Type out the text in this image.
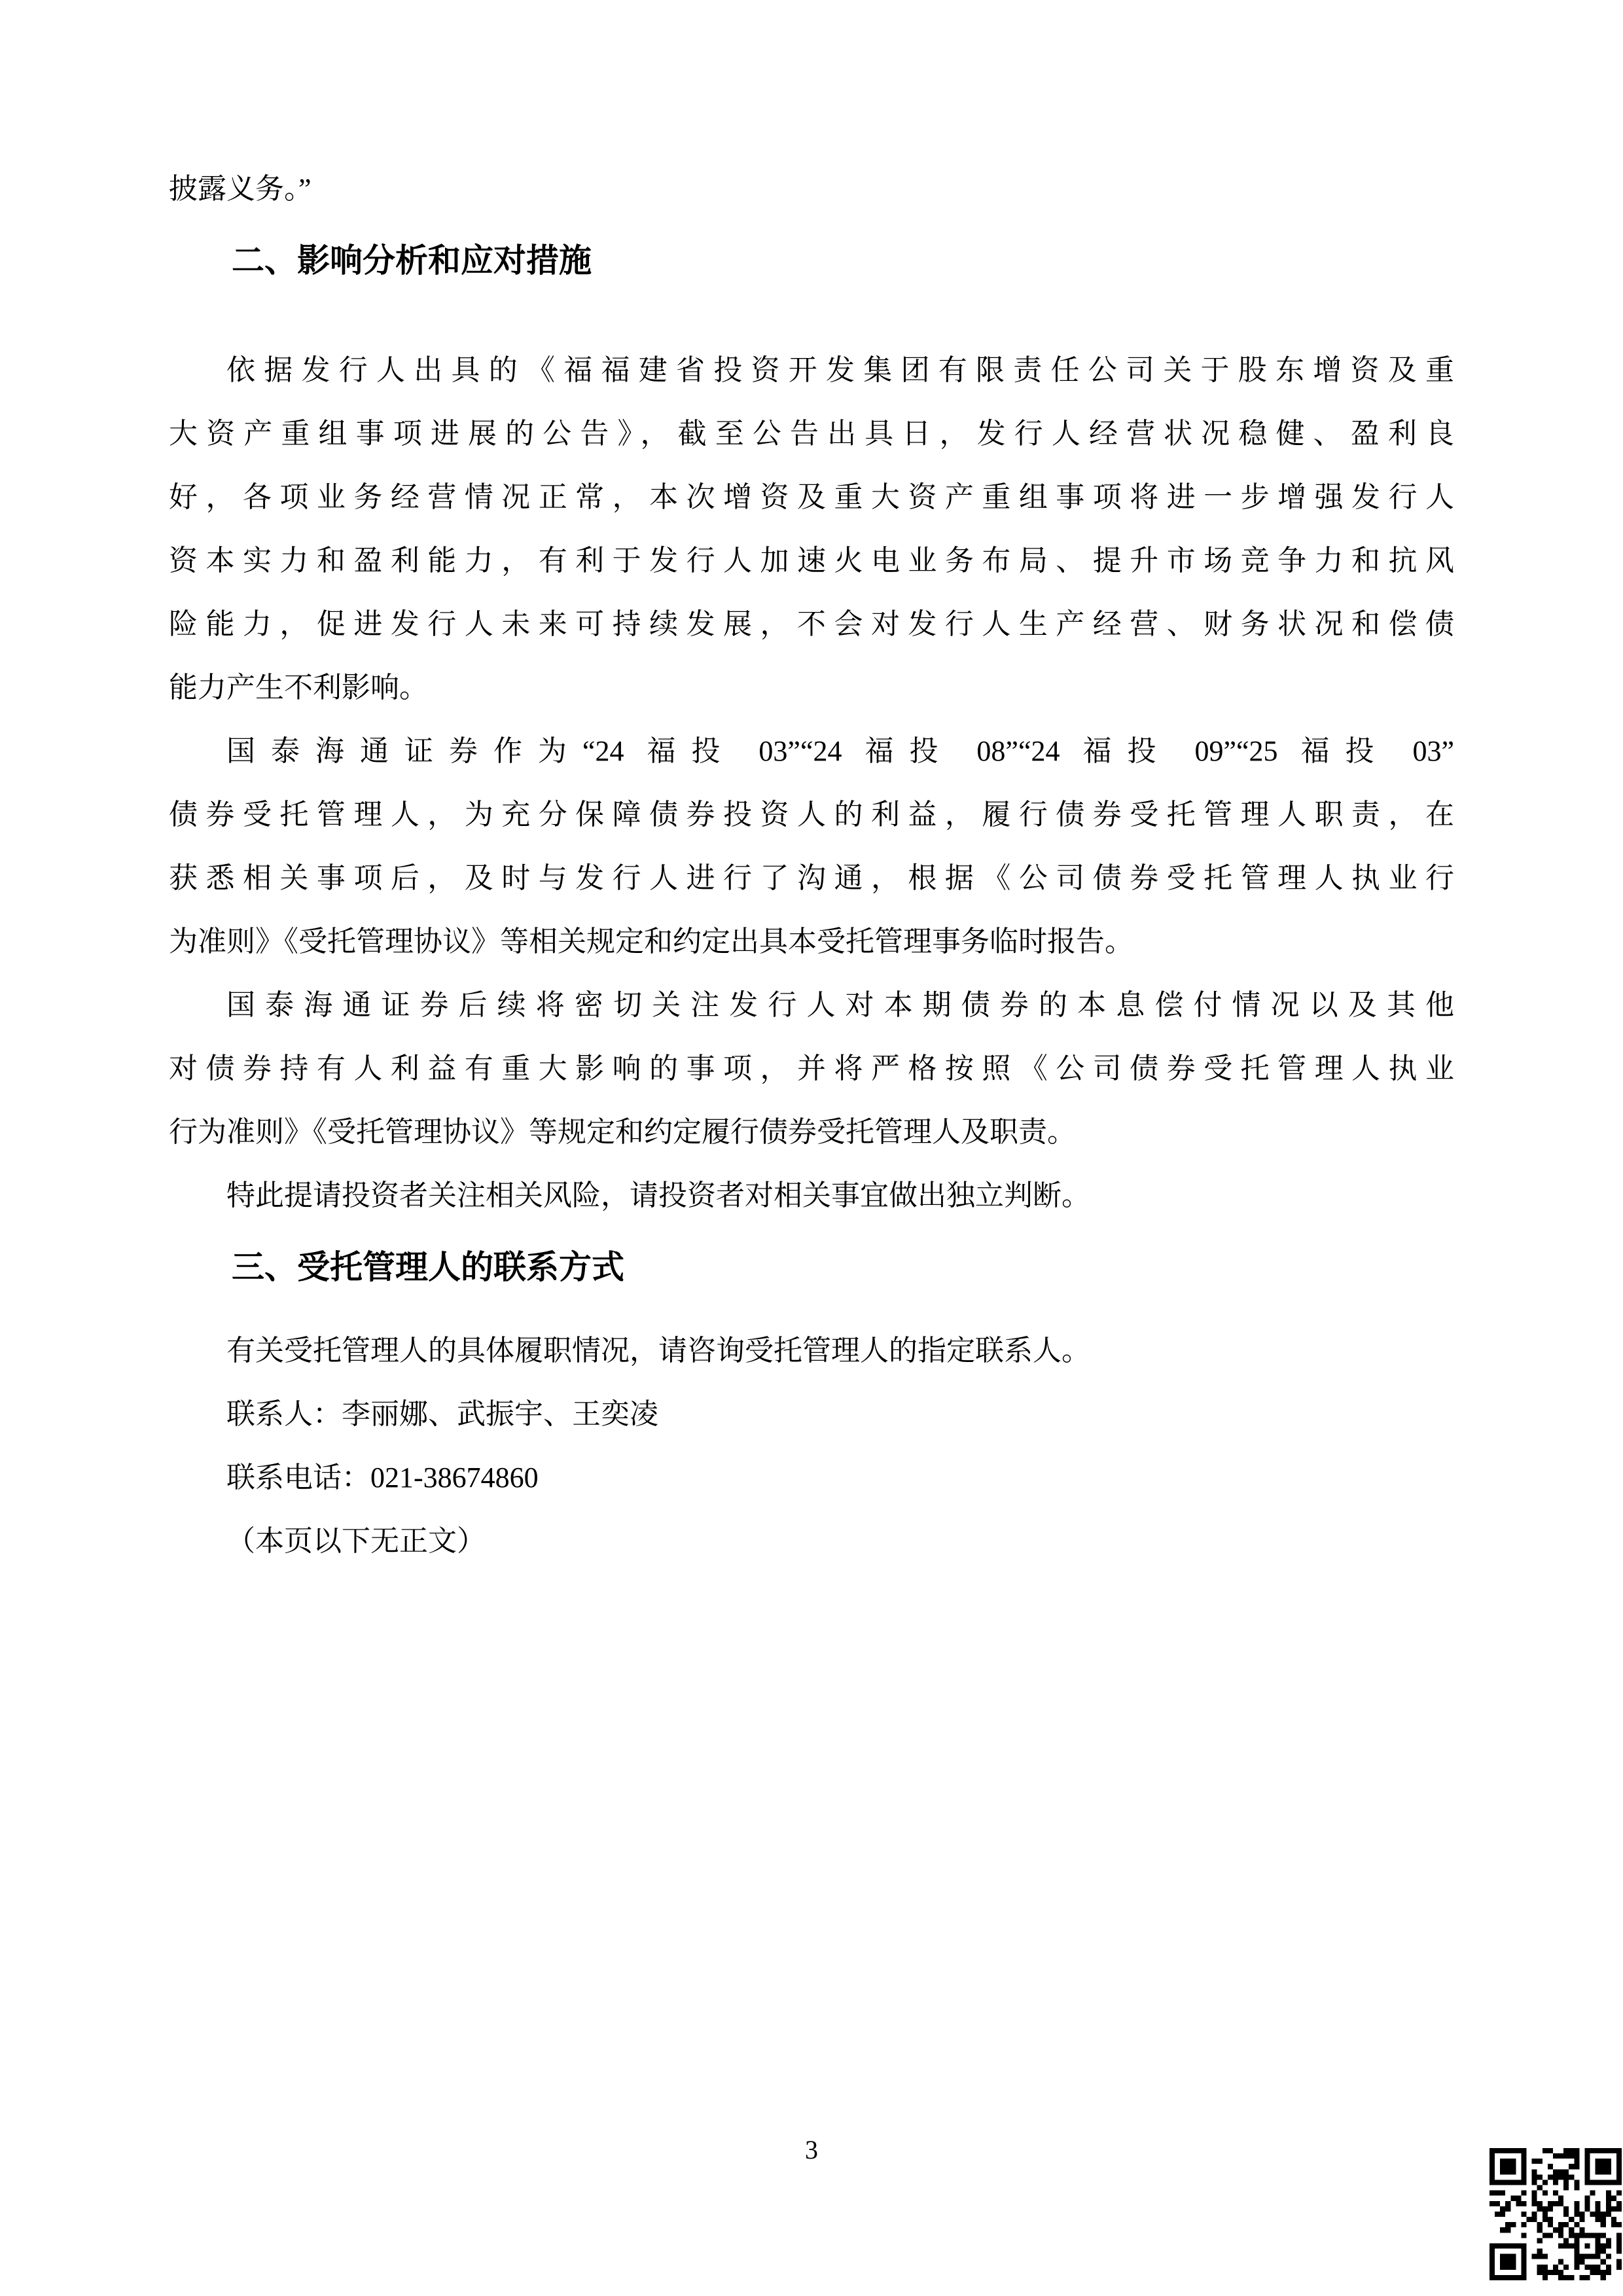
披露义务。”
二、影响分析和应对措施
依据发行人出具的《福福建省投资开发集团有限责任公司关于股东增资及重
大资产重组事项进展的公告》，截至公告出具日，发行人经营状况稳健、盈利良
好，各项业务经营情况正常，本次增资及重大资产重组事项将进一步增强发行人
资本实力和盈利能力，有利于发行人加速火电业务布局、提升市场竞争力和抗风
险能力，促进发行人未来可持续发展，不会对发行人生产经营、财务状况和偿债
能力产生不利影响。
国泰海通证券作为“24 福投 03”“24 福投 08”“24 福投 09”“25 福投 03”
债券受托管理人，为充分保障债券投资人的利益，履行债券受托管理人职责，在
获悉相关事项后，及时与发行人进行了沟通，根据《公司债券受托管理人执业行
为准则》《受托管理协议》等相关规定和约定出具本受托管理事务临时报告。
国泰海通证券后续将密切关注发行人对本期债券的本息偿付情况以及其他
对债券持有人利益有重大影响的事项，并将严格按照《公司债券受托管理人执业
行为准则》《受托管理协议》等规定和约定履行债券受托管理人及职责。
特此提请投资者关注相关风险，请投资者对相关事宜做出独立判断。
三、受托管理人的联系方式
有关受托管理人的具体履职情况，请咨询受托管理人的指定联系人。
联系人：李丽娜、武振宇、王奕凌
联系电话：021-38674860
（本页以下无正文）
3
